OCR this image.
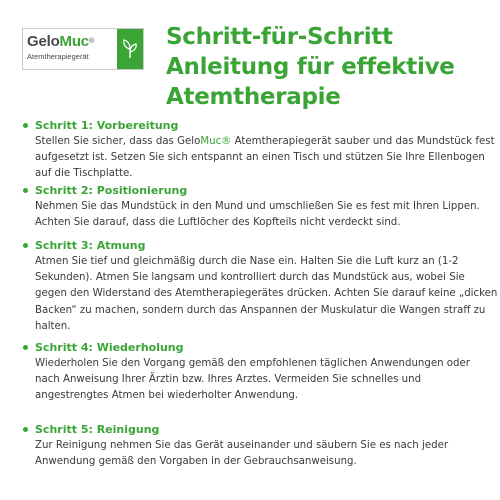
GeloMuc®
Atemtherapiegerät
Schritt-für-Schritt
Anleitung für effektive
Atemtherapie
Schritt 1: Vorbereitung
Stellen Sie sicher, dass das GeloMuc® Atemtherapiegerät sauber und das Mundstück fest
aufgesetzt ist. Setzen Sie sich entspannt an einen Tisch und stützen Sie Ihre Ellenbogen
auf die Tischplatte.
Schritt 2: Positionierung
Nehmen Sie das Mundstück in den Mund und umschließen Sie es fest mit Ihren Lippen.
Achten Sie darauf, dass die Luftlöcher des Kopfteils nicht verdeckt sind.
Schritt 3: Atmung
Atmen Sie tief und gleichmäßig durch die Nase ein. Halten Sie die Luft kurz an (1-2
Sekunden). Atmen Sie langsam und kontrolliert durch das Mundstück aus, wobei Sie
gegen den Widerstand des Atemtherapiegerätes drücken. Achten Sie darauf keine „dicken
Backen“ zu machen, sondern durch das Anspannen der Muskulatur die Wangen straff zu
halten.
Schritt 4: Wiederholung
Wiederholen Sie den Vorgang gemäß den empfohlenen täglichen Anwendungen oder
nach Anweisung Ihrer Ärztin bzw. Ihres Arztes. Vermeiden Sie schnelles und
angestrengtes Atmen bei wiederholter Anwendung.
Schritt 5: Reinigung
Zur Reinigung nehmen Sie das Gerät auseinander und säubern Sie es nach jeder
Anwendung gemäß den Vorgaben in der Gebrauchsanweisung.
